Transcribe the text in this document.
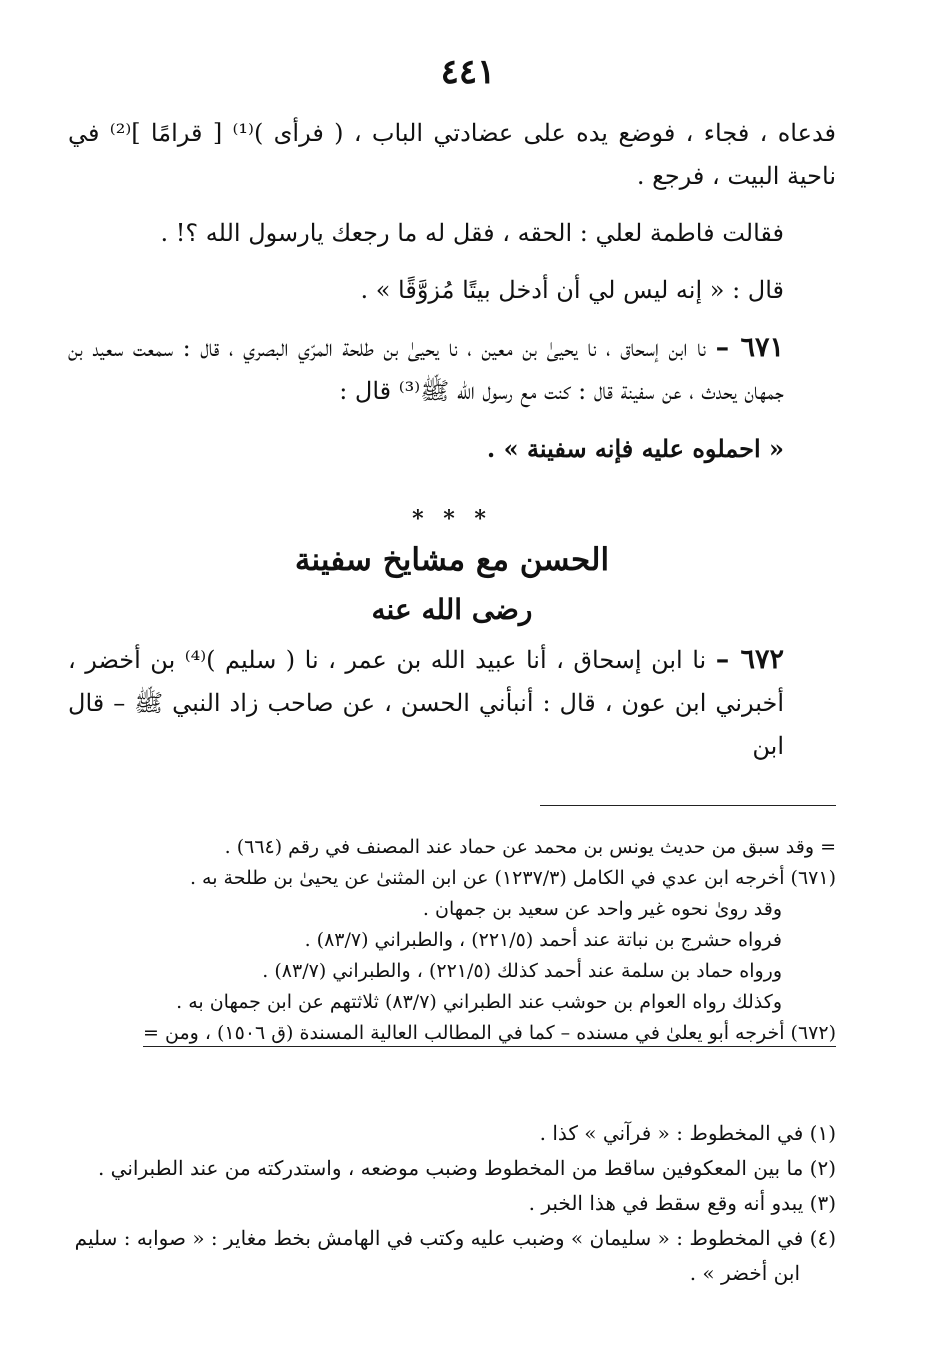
٤٤١

فدعاه ، فجاء ، فوضع يده على عضادتي الباب ، ( فرأى )⁽¹⁾ [ قرامًا ]⁽²⁾ في ناحية البيت ، فرجع .

فقالت فاطمة لعلي : الحقه ، فقل له ما رجعك يارسول الله ؟! .

قال : « إنه ليس لي أن أدخل بيتًا مُزوَّقًا » .

٦٧١ – نا ابن إسحاق ، نا يحيىٰ بن معين ، نا يحيىٰ بن طلحة المرّي البصري ، قال : سمعت سعيد بن جمهان يحدث ، عن سفينة قال : كنت مع رسول الله ﷺ⁽³⁾ قال :

« احملوه عليه فإنه سفينة » .

* * *
الحسن مع مشايخ سفينة
رضى الله عنه

٦٧٢ – نا ابن إسحاق ، أنا عبيد الله بن عمر ، نا ( سليم )⁽⁴⁾ بن أخضر ، أخبرني ابن عون ، قال : أنبأني الحسن ، عن صاحب زاد النبي ﷺ – قال ابن

= وقد سبق من حديث يونس بن محمد عن حماد عند المصنف في رقم (٦٦٤) .

(٦٧١) أخرجه ابن عدي في الكامل (١٢٣٧/٣) عن ابن المثنىٰ عن يحيىٰ بن طلحة به .

وقد روىٰ نحوه غير واحد عن سعيد بن جمهان .

فرواه حشرج بن نباتة عند أحمد (٢٢١/٥) ، والطبراني (٨٣/٧) .

ورواه حماد بن سلمة عند أحمد كذلك (٢٢١/٥) ، والطبراني (٨٣/٧) .

وكذلك رواه العوام بن حوشب عند الطبراني (٨٣/٧) ثلاثتهم عن ابن جمهان به .

(٦٧٢) أخرجه أبو يعلىٰ في مسنده – كما في المطالب العالية المسندة (ق ١٥٠٦) ، ومن =

(١) في المخطوط : « فرآني » كذا .

(٢) ما بين المعكوفين ساقط من المخطوط وضبب موضعه ، واستدركته من عند الطبراني .

(٣) يبدو أنه وقع سقط في هذا الخبر .

(٤) في المخطوط : « سليمان » وضبب عليه وكتب في الهامش بخط مغاير : « صوابه : سليم

ابن أخضر » .
